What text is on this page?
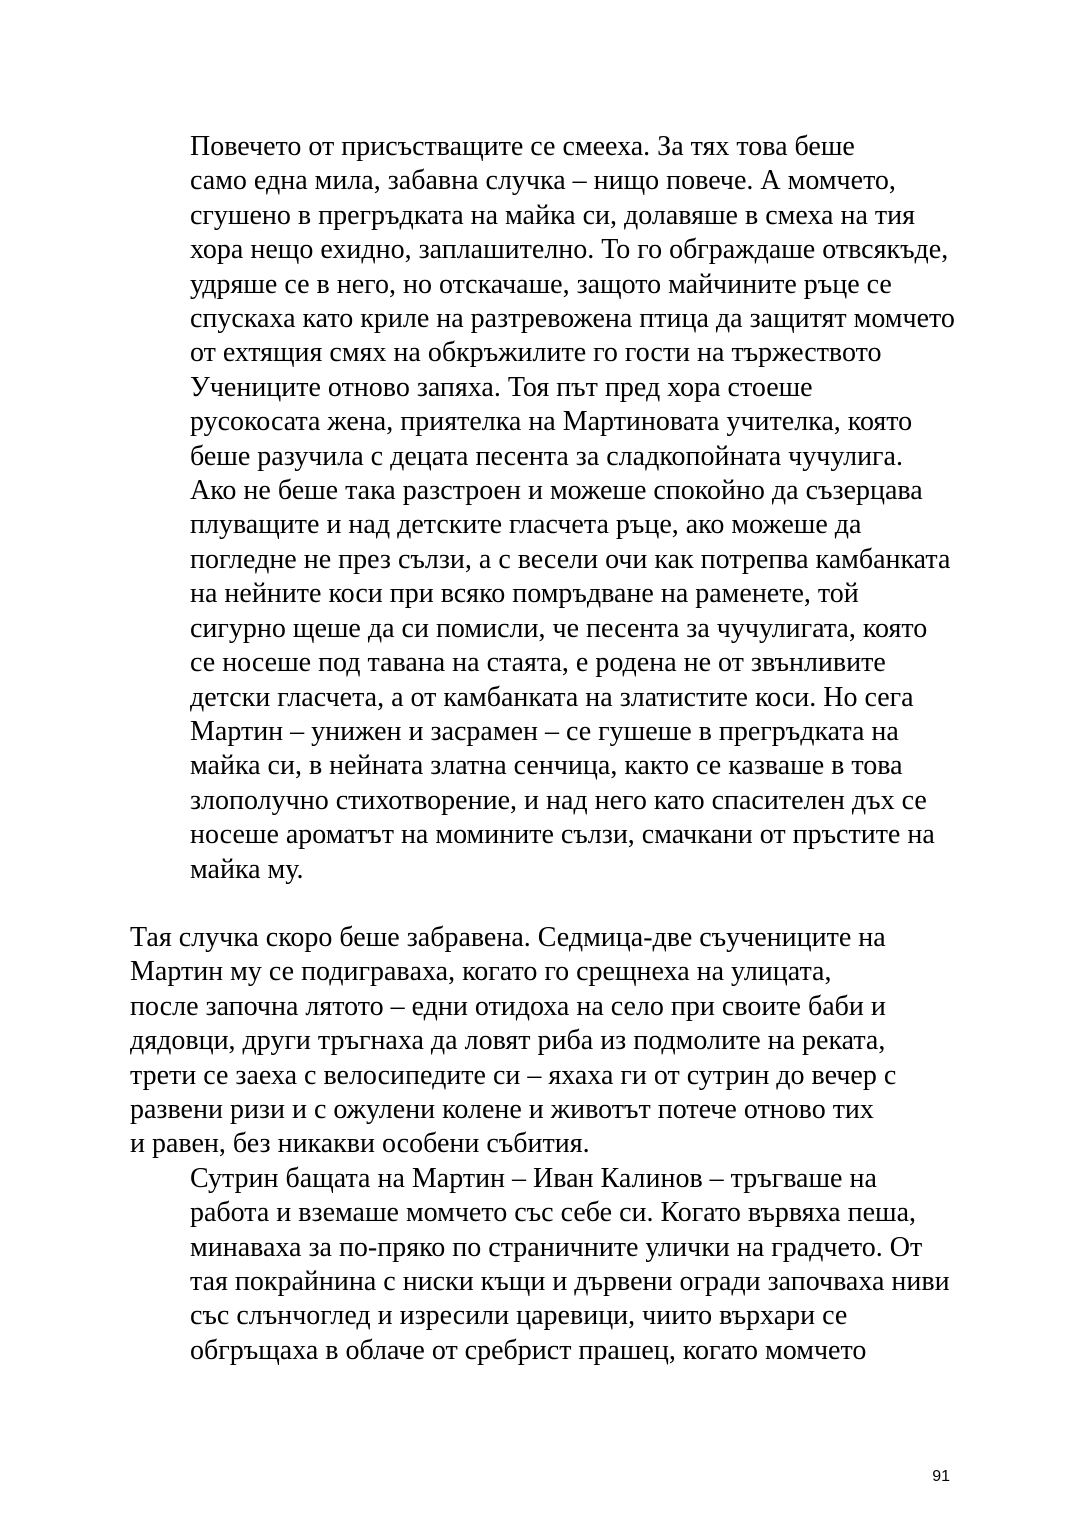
Повечето от присъстващите се смееха. За тях това беше
само една мила, забавна случка – нищо повече. А момчето,
сгушено в прегръдката на майка си, долавяше в смеха на тия
хора нещо ехидно, заплашително. То го обграждаше отвсякъде,
удряше се в него, но отскачаше, защото майчините ръце се
спускаха като криле на разтревожена птица да защитят момчето
от ехтящия смях на обкръжилите го гости на тържеството

Учениците отново запяха. Тоя път пред хора стоеше
русокосата жена, приятелка на Мартиновата учителка, която
беше разучила с децата песента за сладкопойната чучулига.
Ако не беше така разстроен и можеше спокойно да съзерцава
плуващите и над детските гласчета ръце, ако можеше да
погледне не през сълзи, а с весели очи как потрепва камбанката
на нейните коси при всяко помръдване на раменете, той
сигурно щеше да си помисли, че песента за чучулигата, която
се носеше под тавана на стаята, е родена не от звънливите
детски гласчета, а от камбанката на златистите коси. Но сега
Мартин – унижен и засрамен – се гушеше в прегръдката на
майка си, в нейната златна сенчица, както се казваше в това
злополучно стихотворение, и над него като спасителен дъх се
носеше ароматът на момините сълзи, смачкани от пръстите на
майка му.

Тая случка скоро беше забравена. Седмица-две съучениците на
Мартин му се подигравaха, когато го срещнеха на улицата,
после започна лятото – едни отидоха на село при своите баби и
дядовци, други тръгнаха да ловят риба из подмолите на реката,
трети се заеха с велосипедите си – яхаха ги от сутрин до вечер с
развени ризи и с ожулени колене и животът потече отново тих
и равен, без никакви особени събития.

Сутрин бащата на Мартин – Иван Калинов – тръгваше на
работа и вземаше момчето със себе си. Когато вървяха пеша,
минаваха за по-пряко по страничните улички на градчето. От
тая покрайнина с ниски къщи и дървени огради започваха ниви
със слънчоглед и изресили царевици, чиито върхари се
обгръщаха в облаче от сребрист прашец, когато момчето

91
